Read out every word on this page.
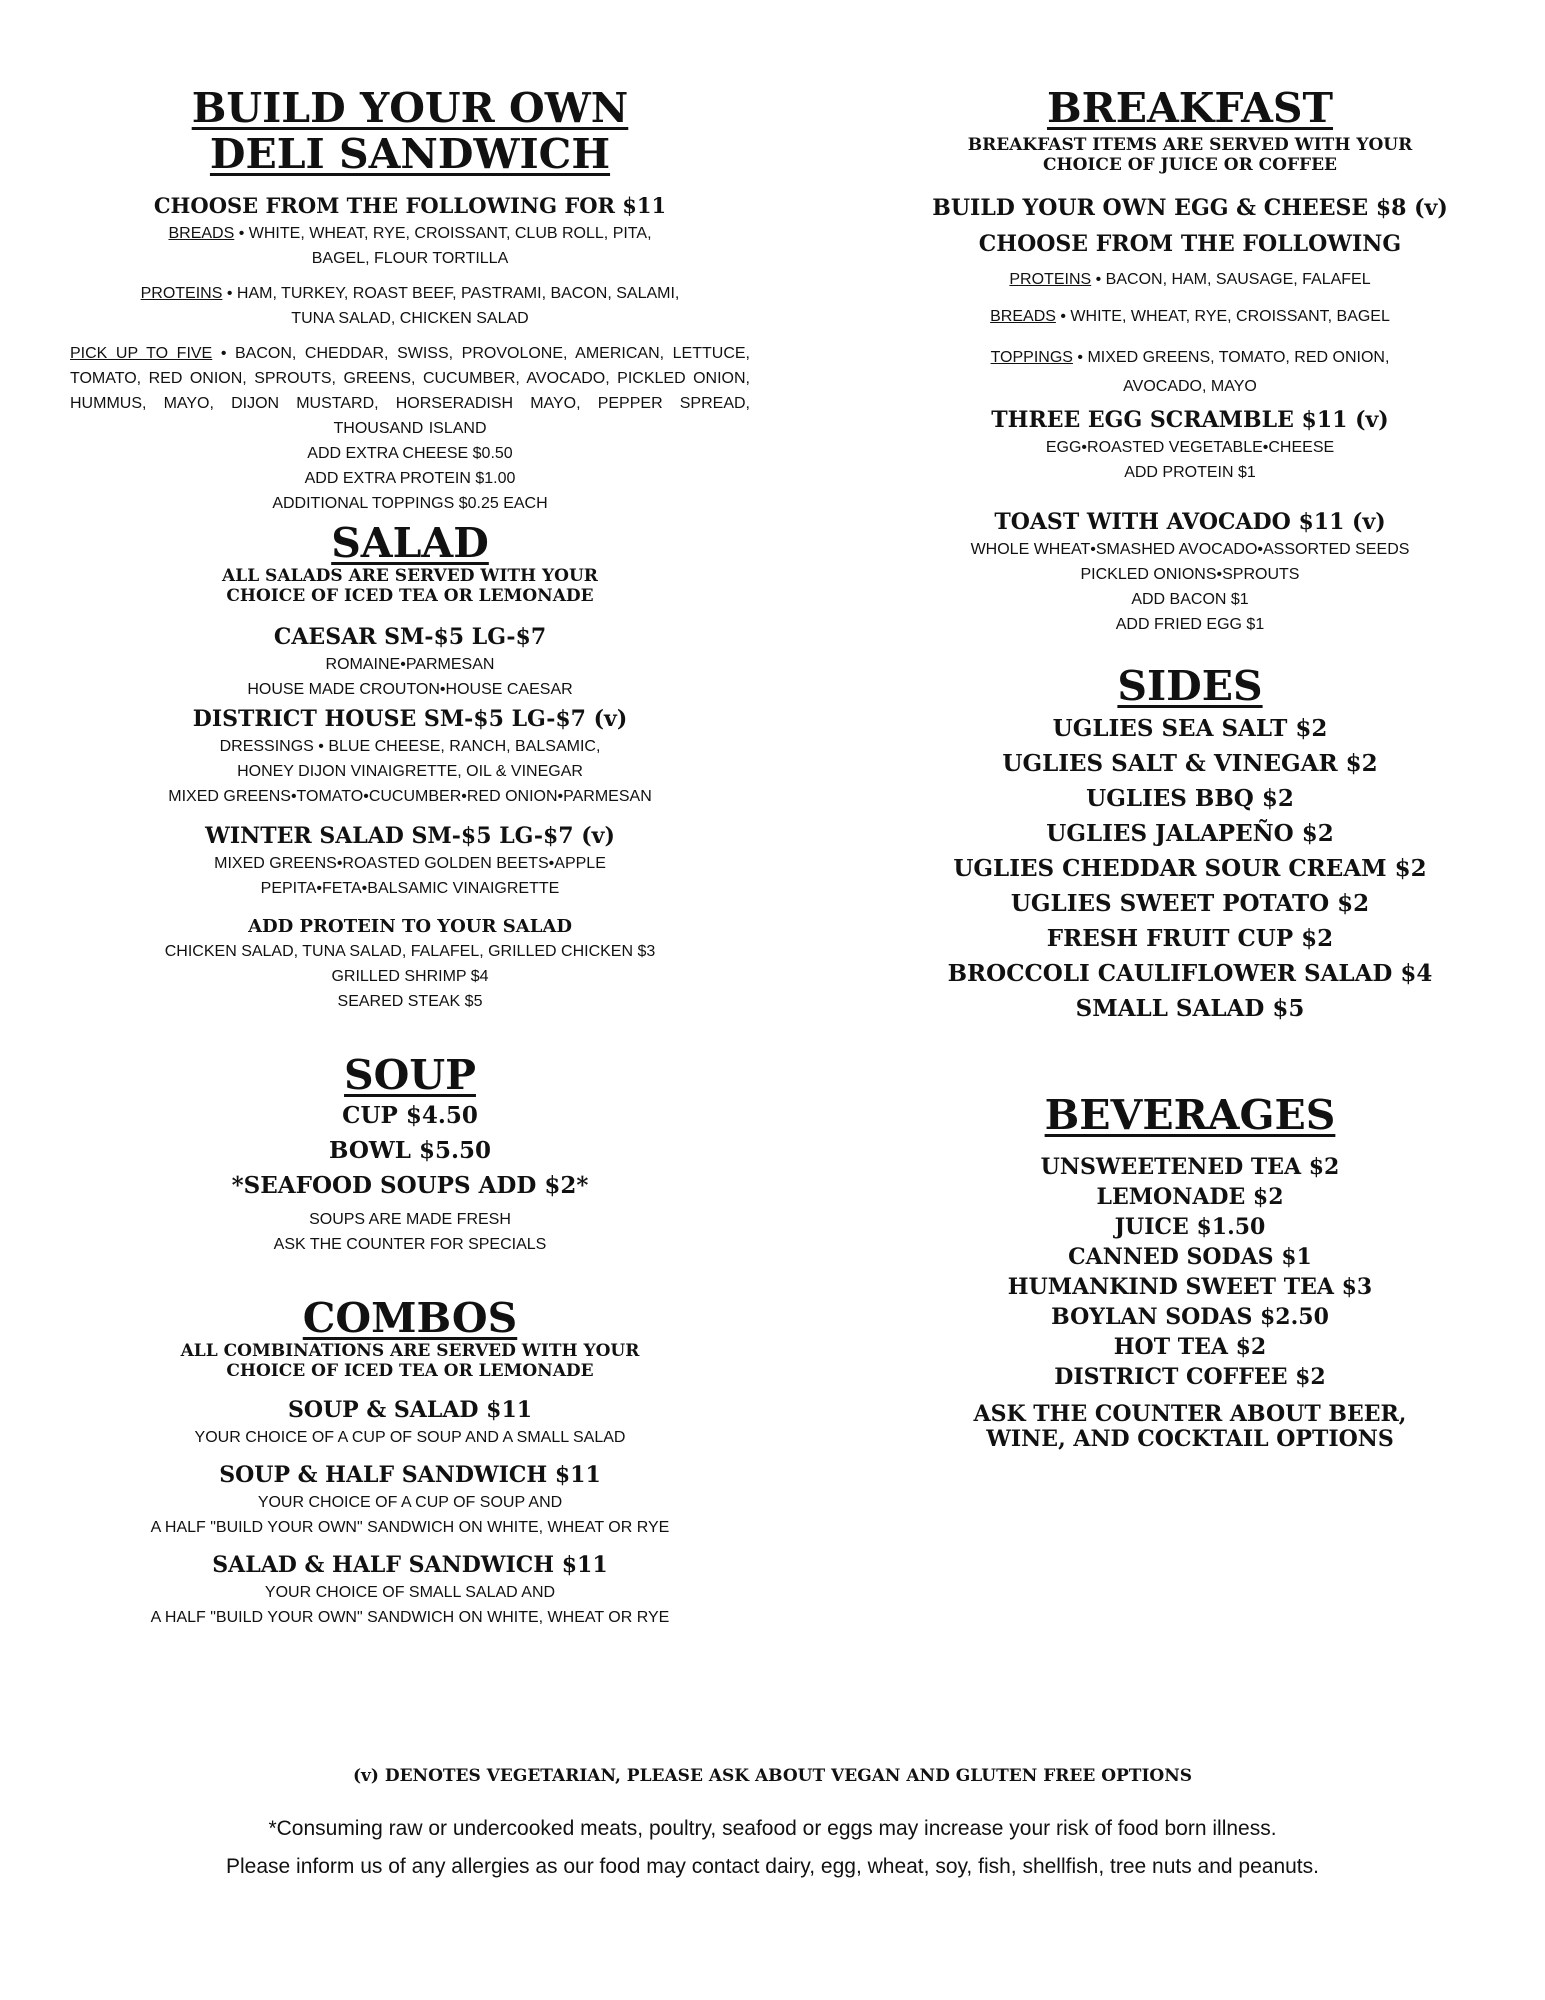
BUILD YOUR OWN
DELI SANDWICH

CHOOSE FROM THE FOLLOWING FOR $11

BREADS • WHITE, WHEAT, RYE, CROISSANT, CLUB ROLL, PITA, BAGEL, FLOUR TORTILLA

PROTEINS • HAM, TURKEY, ROAST BEEF, PASTRAMI, BACON, SALAMI, TUNA SALAD, CHICKEN SALAD

PICK UP TO FIVE • BACON, CHEDDAR, SWISS, PROVOLONE, AMERICAN, LETTUCE, TOMATO, RED ONION, SPROUTS, GREENS, CUCUMBER, AVOCADO, PICKLED ONION, HUMMUS, MAYO, DIJON MUSTARD, HORSERADISH MAYO, PEPPER SPREAD, THOUSAND ISLAND

ADD EXTRA CHEESE $0.50

ADD EXTRA PROTEIN $1.00

ADDITIONAL TOPPINGS $0.25 EACH

SALAD

ALL SALADS ARE SERVED WITH YOUR

CHOICE OF ICED TEA OR LEMONADE

CAESAR SM-$5 LG-$7

ROMAINE•PARMESAN

HOUSE MADE CROUTON•HOUSE CAESAR

DISTRICT HOUSE SM-$5 LG-$7 (v)

DRESSINGS • BLUE CHEESE, RANCH, BALSAMIC,

HONEY DIJON VINAIGRETTE, OIL & VINEGAR

MIXED GREENS•TOMATO•CUCUMBER•RED ONION•PARMESAN

WINTER SALAD SM-$5 LG-$7 (v)

MIXED GREENS•ROASTED GOLDEN BEETS•APPLE

PEPITA•FETA•BALSAMIC VINAIGRETTE

ADD PROTEIN TO YOUR SALAD

CHICKEN SALAD, TUNA SALAD, FALAFEL, GRILLED CHICKEN $3

GRILLED SHRIMP $4

SEARED STEAK $5

SOUP

CUP $4.50

BOWL $5.50

*SEAFOOD SOUPS ADD $2*

SOUPS ARE MADE FRESH

ASK THE COUNTER FOR SPECIALS

COMBOS

ALL COMBINATIONS ARE SERVED WITH YOUR

CHOICE OF ICED TEA OR LEMONADE

SOUP & SALAD $11

YOUR CHOICE OF A CUP OF SOUP AND A SMALL SALAD

SOUP & HALF SANDWICH $11

YOUR CHOICE OF A CUP OF SOUP AND

A HALF "BUILD YOUR OWN" SANDWICH ON WHITE, WHEAT OR RYE

SALAD & HALF SANDWICH $11

YOUR CHOICE OF SMALL SALAD AND

A HALF "BUILD YOUR OWN" SANDWICH ON WHITE, WHEAT OR RYE

BREAKFAST

BREAKFAST ITEMS ARE SERVED WITH YOUR

CHOICE OF JUICE OR COFFEE

BUILD YOUR OWN EGG & CHEESE $8 (v)

CHOOSE FROM THE FOLLOWING

PROTEINS • BACON, HAM, SAUSAGE, FALAFEL

BREADS • WHITE, WHEAT, RYE, CROISSANT, BAGEL

TOPPINGS • MIXED GREENS, TOMATO, RED ONION,

AVOCADO, MAYO

THREE EGG SCRAMBLE $11 (v)

EGG•ROASTED VEGETABLE•CHEESE

ADD PROTEIN $1

TOAST WITH AVOCADO $11 (v)

WHOLE WHEAT•SMASHED AVOCADO•ASSORTED SEEDS

PICKLED ONIONS•SPROUTS

ADD BACON $1

ADD FRIED EGG $1

SIDES

UGLIES SEA SALT $2

UGLIES SALT & VINEGAR $2

UGLIES BBQ $2

UGLIES JALAPEÑO $2

UGLIES CHEDDAR SOUR CREAM $2

UGLIES SWEET POTATO $2

FRESH FRUIT CUP $2

BROCCOLI CAULIFLOWER SALAD $4

SMALL SALAD $5

BEVERAGES

UNSWEETENED TEA $2

LEMONADE $2

JUICE $1.50

CANNED SODAS $1

HUMANKIND SWEET TEA $3

BOYLAN SODAS $2.50

HOT TEA $2

DISTRICT COFFEE $2

ASK THE COUNTER ABOUT BEER,

WINE, AND COCKTAIL OPTIONS

(v) DENOTES VEGETARIAN, PLEASE ASK ABOUT VEGAN AND GLUTEN FREE OPTIONS

*Consuming raw or undercooked meats, poultry, seafood or eggs may increase your risk of food born illness.
Please inform us of any allergies as our food may contact dairy, egg, wheat, soy, fish, shellfish, tree nuts and peanuts.
